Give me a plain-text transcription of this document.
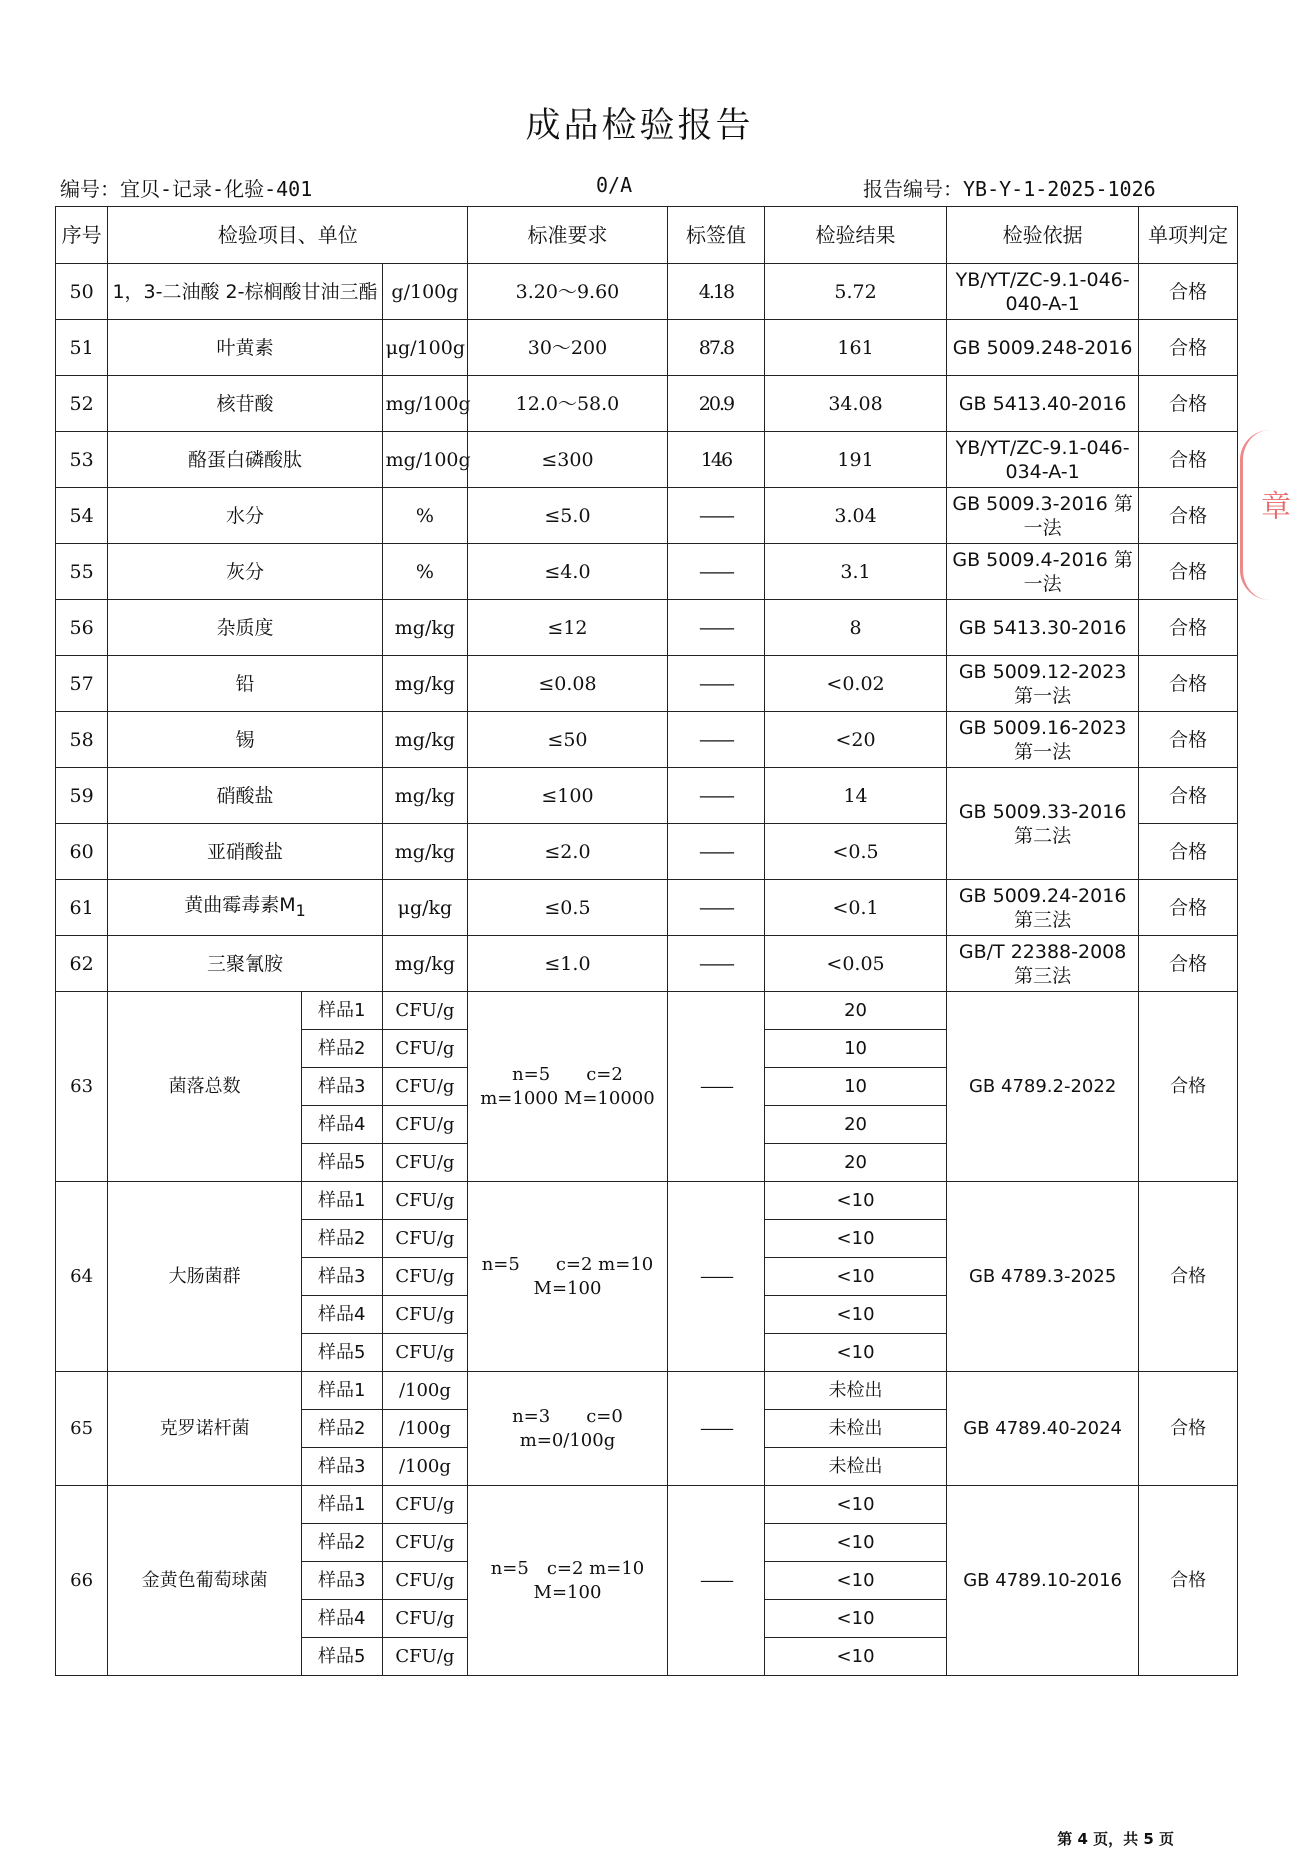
成品检验报告
编号：宜贝-记录-化验-401	0/A	报告编号：YB-Y-1-2025-1026
序号	检验项目、单位			标准要求	标签值	检验结果	检验依据	单项判定
50	1，3-二油酸 2-棕榈酸甘油三酯		g/100g	3.20～9.60	4.18	5.72	YB/YT/ZC-9.1-046-040-A-1	合格
51	叶黄素		μg/100g	30～200	87.8	161	GB 5009.248-2016	合格
52	核苷酸		mg/100g	12.0～58.0	20.9	34.08	GB 5413.40-2016	合格
53	酪蛋白磷酸肽		mg/100g	≤300	146	191	YB/YT/ZC-9.1-046-034-A-1	合格
54	水分		%	≤5.0	——	3.04	GB 5009.3-2016 第一法	合格
55	灰分		%	≤4.0	——	3.1	GB 5009.4-2016 第一法	合格
56	杂质度		mg/kg	≤12	——	8	GB 5413.30-2016	合格
57	铅		mg/kg	≤0.08	——	<0.02	GB 5009.12-2023 第一法	合格
58	锡		mg/kg	≤50	——	<20	GB 5009.16-2023 第一法	合格
59	硝酸盐		mg/kg	≤100	——	14	GB 5009.33-2016 第二法	合格
60	亚硝酸盐		mg/kg	≤2.0	——	<0.5		合格
61	黄曲霉毒素$M_1$		μg/kg	≤0.5	——	<0.1	GB 5009.24-2016 第三法	合格
62	三聚氰胺		mg/kg	≤1.0	——	<0.05	GB/T 22388-2008 第三法	合格
63	菌落总数	样品1	CFU/g	n=5　　c=2 m=1000 M=10000	——	20	GB 4789.2-2022	合格
		样品2	CFU/g			10		
		样品3	CFU/g			10		
		样品4	CFU/g			20		
		样品5	CFU/g			20		
64	大肠菌群	样品1	CFU/g	n=5　　c=2 m=10 M=100	——	<10	GB 4789.3-2025	合格
		样品2	CFU/g			<10		
		样品3	CFU/g			<10		
		样品4	CFU/g			<10		
		样品5	CFU/g			<10		
65	克罗诺杆菌	样品1	/100g	n=3　　c=0 m=0/100g	——	未检出	GB 4789.40-2024	合格
		样品2	/100g			未检出		
		样品3	/100g			未检出		
66	金黄色葡萄球菌	样品1	CFU/g	n=5　c=2 m=10 M=100	——	<10	GB 4789.10-2016	合格
		样品2	CFU/g			<10		
		样品3	CFU/g			<10		
		样品4	CFU/g			<10		
		样品5	CFU/g			<10		
章
第 4 页，共 5 页
